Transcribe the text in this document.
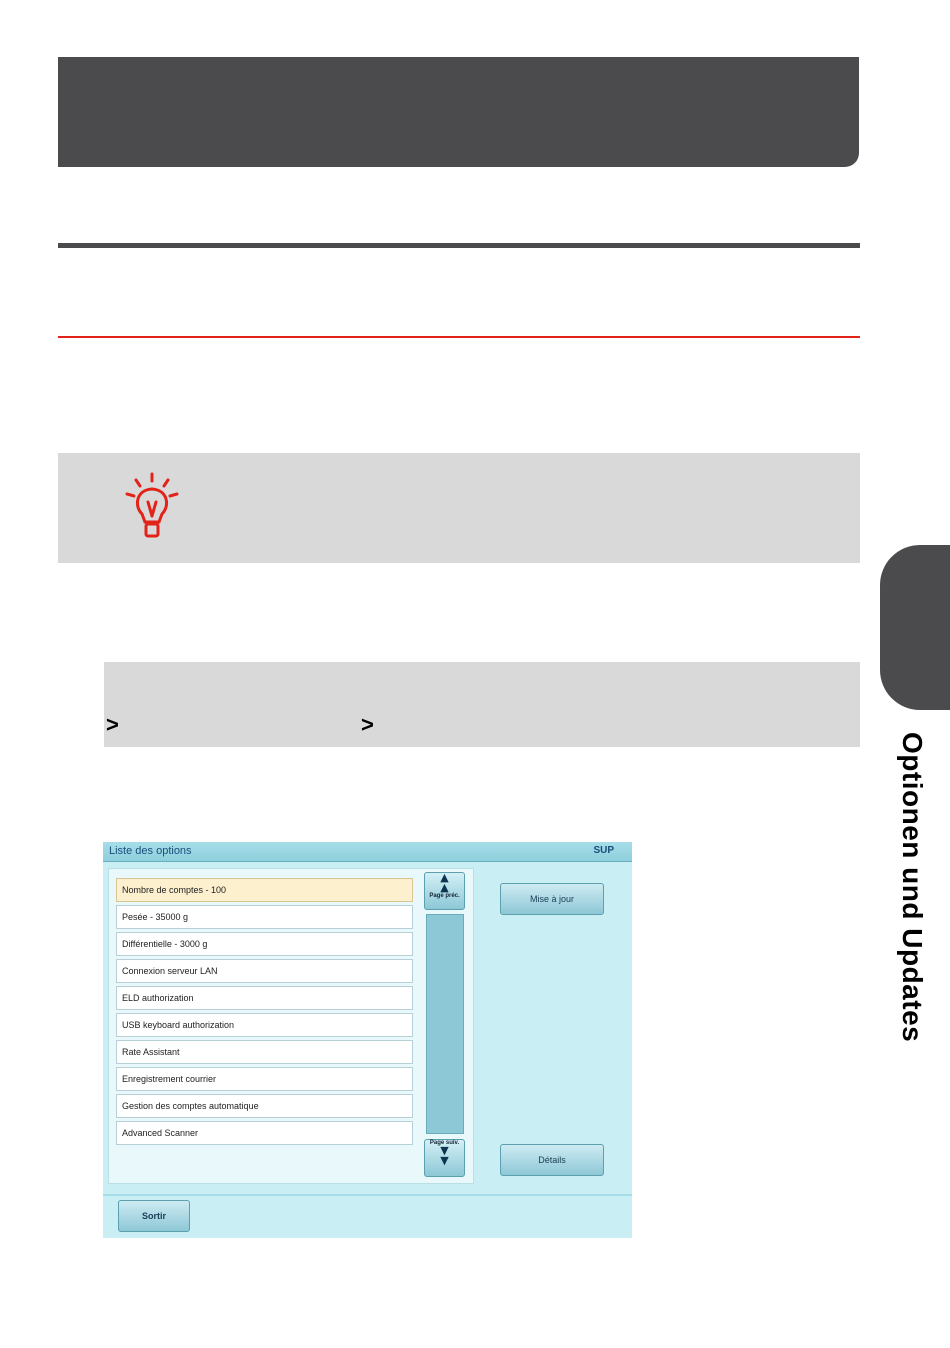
>	>
Optionen und Updates
Liste des options	SUP
Nombre de comptes - 100
Pesée - 35000 g
Différentielle - 3000 g
Connexion serveur LAN
ELD authorization
USB keyboard authorization
Rate Assistant
Enregistrement courrier
Gestion des comptes automatique
Advanced Scanner
▲
▲
Page préc.
Page suiv.
▼
▼
Mise à jour
Détails
Sortir
